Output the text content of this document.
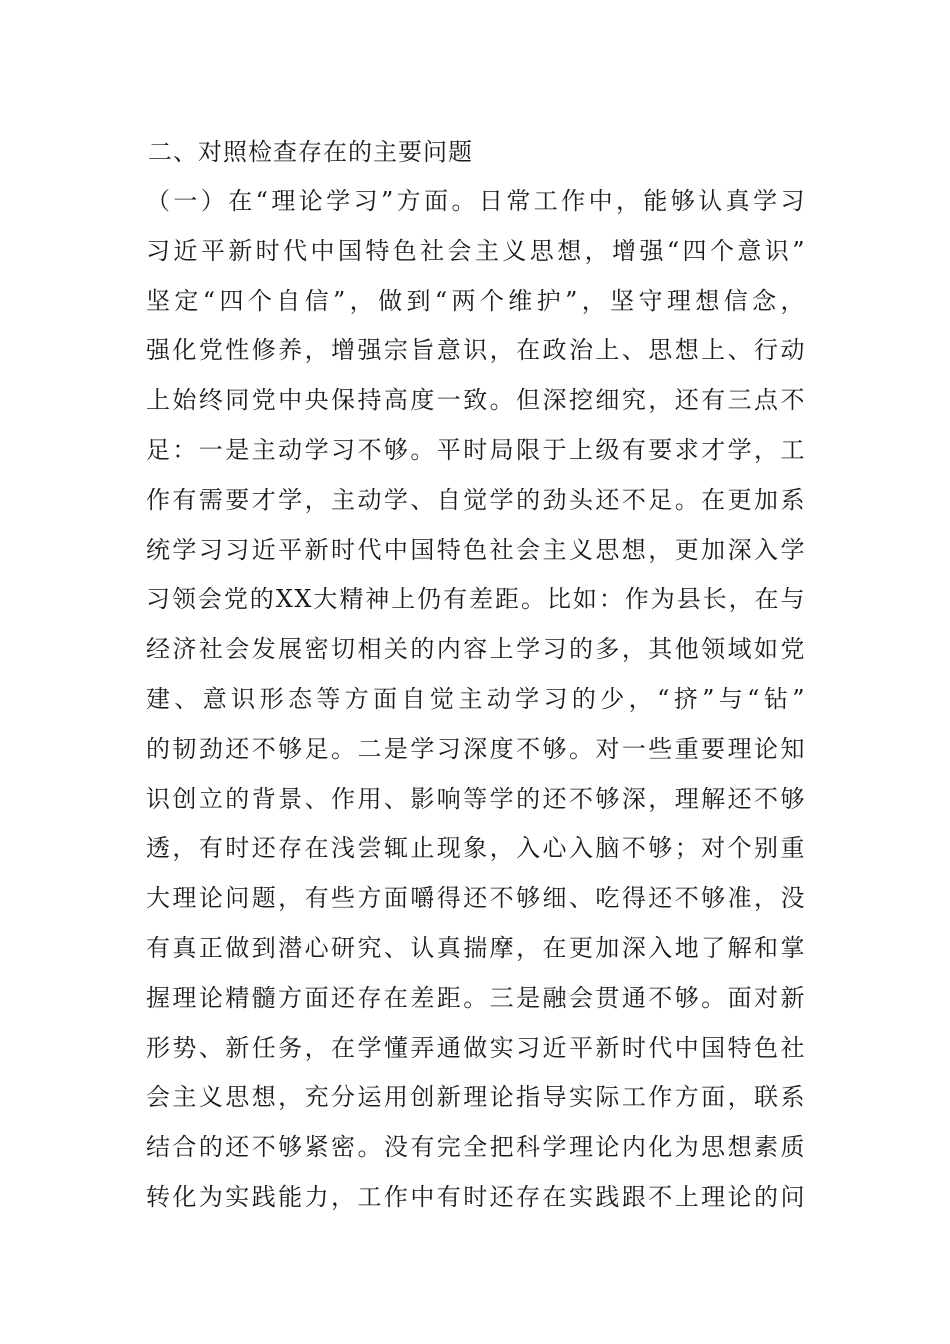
二、对照检查存在的主要问题
（一）在“理论学习”方面。日常工作中，能够认真学习
习近平新时代中国特色社会主义思想，增强“四个意识”
坚定“四个自信”，做到“两个维护”，坚守理想信念，
强化党性修养，增强宗旨意识，在政治上、思想上、行动
上始终同党中央保持高度一致。但深挖细究，还有三点不
足：一是主动学习不够。平时局限于上级有要求才学，工
作有需要才学，主动学、自觉学的劲头还不足。在更加系
统学习习近平新时代中国特色社会主义思想，更加深入学
习领会党的XX大精神上仍有差距。比如：作为县长，在与
经济社会发展密切相关的内容上学习的多，其他领域如党
建、意识形态等方面自觉主动学习的少，“挤”与“钻”
的韧劲还不够足。二是学习深度不够。对一些重要理论知
识创立的背景、作用、影响等学的还不够深，理解还不够
透，有时还存在浅尝辄止现象，入心入脑不够；对个别重
大理论问题，有些方面嚼得还不够细、吃得还不够准，没
有真正做到潜心研究、认真揣摩，在更加深入地了解和掌
握理论精髓方面还存在差距。三是融会贯通不够。面对新
形势、新任务，在学懂弄通做实习近平新时代中国特色社
会主义思想，充分运用创新理论指导实际工作方面，联系
结合的还不够紧密。没有完全把科学理论内化为思想素质
转化为实践能力，工作中有时还存在实践跟不上理论的问
